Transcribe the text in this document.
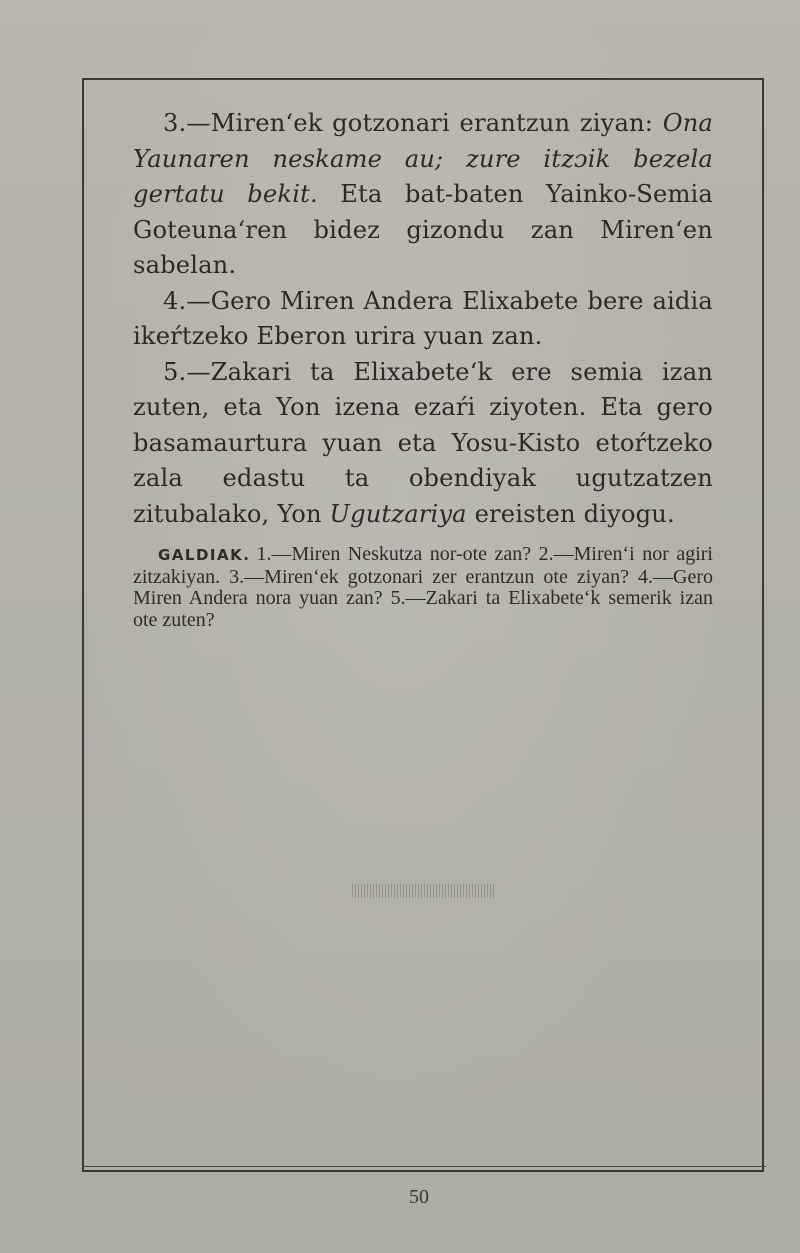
3.—Miren‘ek gotzonari erantzun ziyan: Ona Yaunaren neskame au; zure itzɔik bezela gertatu bekit. Eta bat-baten Yainko-Semia Goteuna‘ren bidez gizondu zan Miren‘en sabelan.

4.—Gero Miren Andera Elixabete bere aidia ikeŕtzeko Eberon urira yuan zan.

5.—Zakari ta Elixabete‘k ere semia izan zuten, eta Yon izena ezaŕi ziyoten. Eta gero basamaurtura yuan eta Yosu-Kisto etoŕtzeko zala edastu ta obendiyak ugutzatzen zitubalako, Yon Ugutzariya ereisten diyogu.

GALDIAK. 1.—Miren Neskutza nor-ote zan? 2.—Miren‘i nor agiri zitzakiyan. 3.—Miren‘ek gotzonari zer erantzun ote ziyan? 4.—Gero Miren Andera nora yuan zan? 5.—Zakari ta Elixabete‘k semerik izan ote zuten?
50
